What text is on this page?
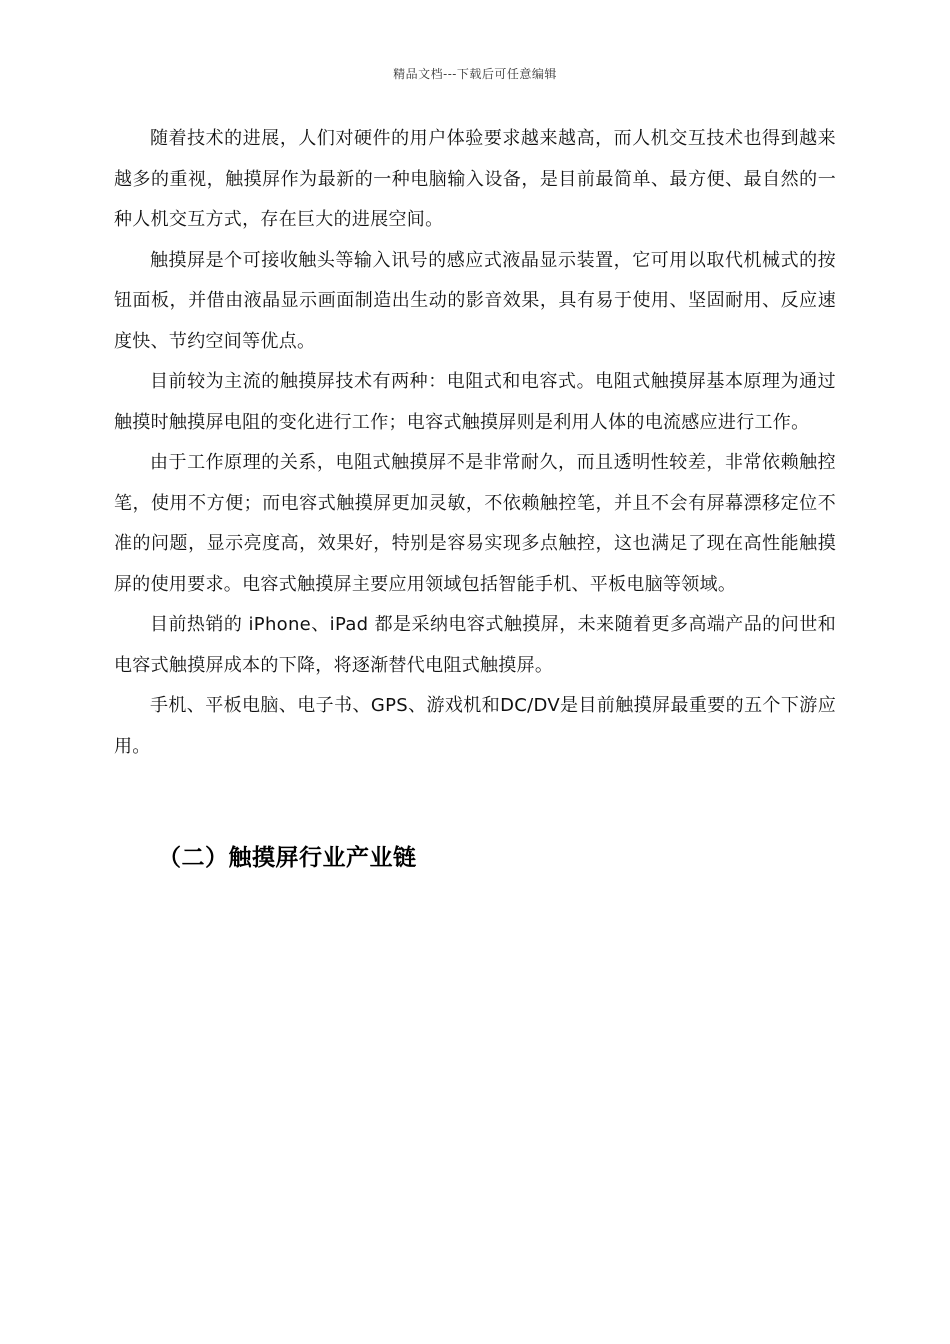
精品文档---下载后可任意编辑

随着技术的进展，人们对硬件的用户体验要求越来越高，而人机交互技术也得到越来越多的重视，触摸屏作为最新的一种电脑输入设备，是目前最简单、最方便、最自然的一种人机交互方式，存在巨大的进展空间。

触摸屏是个可接收触头等输入讯号的感应式液晶显示装置，它可用以取代机械式的按钮面板，并借由液晶显示画面制造出生动的影音效果，具有易于使用、坚固耐用、反应速度快、节约空间等优点。

目前较为主流的触摸屏技术有两种：电阻式和电容式。电阻式触摸屏基本原理为通过触摸时触摸屏电阻的变化进行工作；电容式触摸屏则是利用人体的电流感应进行工作。

由于工作原理的关系，电阻式触摸屏不是非常耐久，而且透明性较差，非常依赖触控笔，使用不方便；而电容式触摸屏更加灵敏，不依赖触控笔，并且不会有屏幕漂移定位不准的问题，显示亮度高，效果好，特别是容易实现多点触控，这也满足了现在高性能触摸屏的使用要求。电容式触摸屏主要应用领域包括智能手机、平板电脑等领域。

目前热销的 iPhone、iPad 都是采纳电容式触摸屏，未来随着更多高端产品的问世和电容式触摸屏成本的下降，将逐渐替代电阻式触摸屏。

手机、平板电脑、电子书、GPS、游戏机和DC/DV是目前触摸屏最重要的五个下游应用。

（二）触摸屏行业产业链
